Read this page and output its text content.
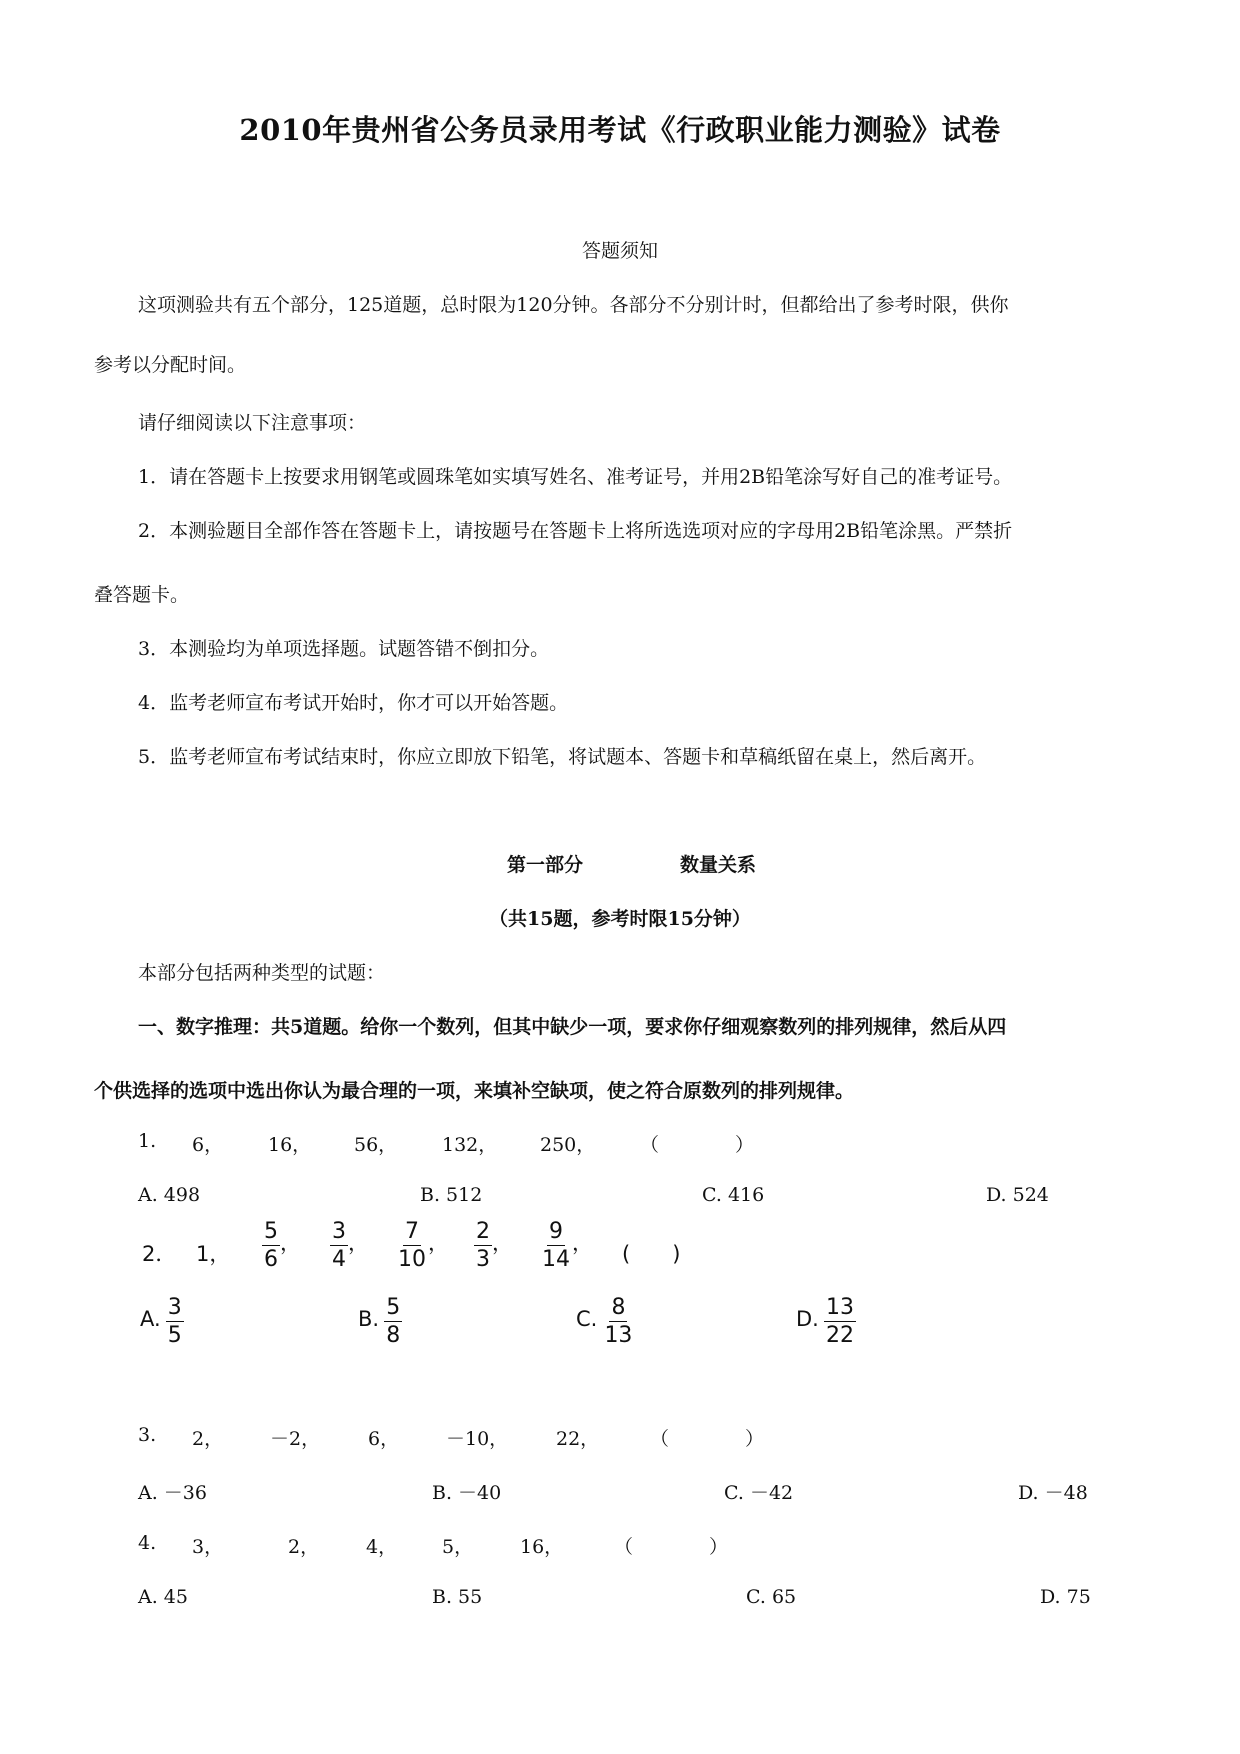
2010年贵州省公务员录用考试《行政职业能力测验》试卷
答题须知
这项测验共有五个部分，125道题，总时限为120分钟。各部分不分别计时，但都给出了参考时限，供你
参考以分配时间。
请仔细阅读以下注意事项：
1．请在答题卡上按要求用钢笔或圆珠笔如实填写姓名、准考证号，并用2B铅笔涂写好自己的准考证号。
2．本测验题目全部作答在答题卡上，请按题号在答题卡上将所选选项对应的字母用2B铅笔涂黑。严禁折
叠答题卡。
3．本测验均为单项选择题。试题答错不倒扣分。
4．监考老师宣布考试开始时，你才可以开始答题。
5．监考老师宣布考试结束时，你应立即放下铅笔，将试题本、答题卡和草稿纸留在桌上，然后离开。
第一部分	数量关系
（共15题，参考时限15分钟）
本部分包括两种类型的试题：
一、数字推理：共5道题。给你一个数列，但其中缺少一项，要求你仔细观察数列的排列规律，然后从四
个供选择的选项中选出你认为最合理的一项，来填补空缺项，使之符合原数列的排列规律。
1. 6， 16， 56， 132， 250， （　　　　）
A. 498	B. 512	C. 416	D. 524
2． 1， $\frac{5}{6}$ ， $\frac{3}{4}$ ， $\frac{7}{10}$ ， $\frac{2}{3}$ ， $\frac{9}{14}$ ， (　　)
A. $\frac{3}{5}$	B. $\frac{5}{8}$	C. $\frac{8}{13}$	D. $\frac{13}{22}$
3. 2， －2，	6， －10，	22，	（　　　　）
A. －36	B. －40	C. －42	D. －48
4. 3，	2， 4， 5， 16，	（　　　　）
A. 45	B. 55	C. 65	D. 75
